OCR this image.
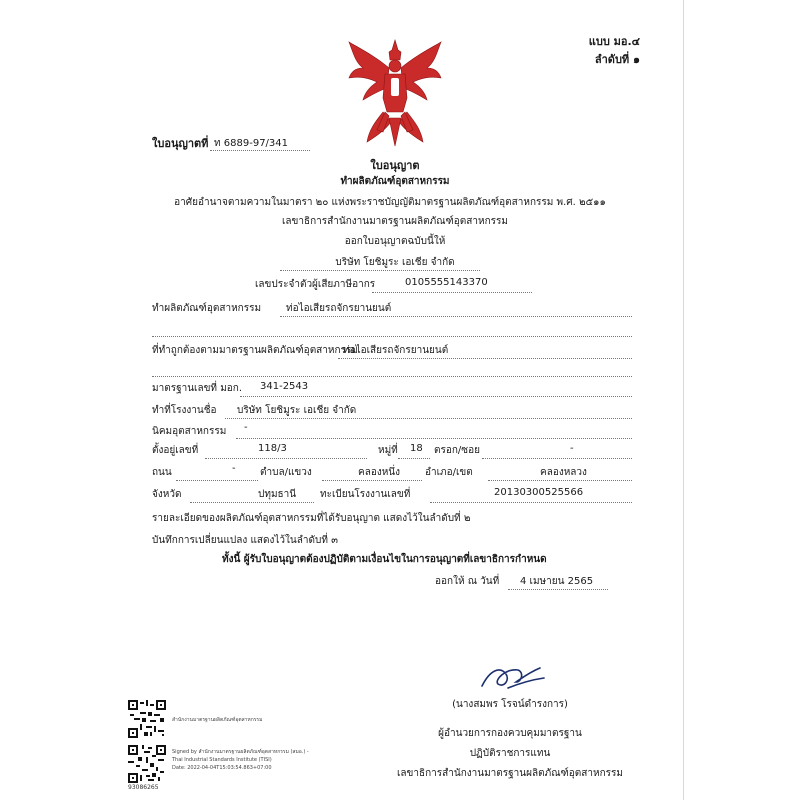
แบบ มอ.๔
ลำดับที่ ๑
ใบอนุญาตที่ ท 6889-97/341
ใบอนุญาต
ทำผลิตภัณฑ์อุตสาหกรรม
อาศัยอำนาจตามความในมาตรา ๒๐ แห่งพระราชบัญญัติมาตรฐานผลิตภัณฑ์อุตสาหกรรม พ.ศ. ๒๕๑๑
เลขาธิการสำนักงานมาตรฐานผลิตภัณฑ์อุตสาหกรรม
ออกใบอนุญาตฉบับนี้ให้
บริษัท โยชิมูระ เอเชีย จำกัด
เลขประจำตัวผู้เสียภาษีอากร	0105555143370
ทำผลิตภัณฑ์อุตสาหกรรม ท่อไอเสียรถจักรยานยนต์
ที่ทำถูกต้องตามมาตรฐานผลิตภัณฑ์อุตสาหกรรม
ท่อไอเสียรถจักรยานยนต์
มาตรฐานเลขที่ มอก. 341-2543
ทำที่โรงงานชื่อ บริษัท โยชิมูระ เอเชีย จำกัด
นิคมอุตสาหกรรม -
ตั้งอยู่เลขที่	118/3	หมู่ที่ 18 ตรอก/ซอย	-
ถนน	- ตำบล/แขวง	คลองหนึ่ง อำเภอ/เขต	คลองหลวง
จังหวัด	ปทุมธานี ทะเบียนโรงงานเลขที่	20130300525566
รายละเอียดของผลิตภัณฑ์อุตสาหกรรมที่ได้รับอนุญาต แสดงไว้ในลำดับที่ ๒
บันทึกการเปลี่ยนแปลง แสดงไว้ในลำดับที่ ๓
ทั้งนี้ ผู้รับใบอนุญาตต้องปฏิบัติตามเงื่อนไขในการอนุญาตที่เลขาธิการกำหนด
ออกให้ ณ วันที่ 4 เมษายน 2565
(นางสมพร โรจน์ดำรงการ)
ผู้อำนวยการกองควบคุมมาตรฐาน
ปฏิบัติราชการแทน
เลขาธิการสำนักงานมาตรฐานผลิตภัณฑ์อุตสาหกรรม
สำนักงานมาตรฐานผลิตภัณฑ์อุตสาหกรรม
93086265
Signed by สำนักงานมาตรฐานผลิตภัณฑ์อุตสาหกรรม (สมอ.) -
Thai Industrial Standards Institute (TISI)
Date: 2022-04-04T15:03:54.863+07:00
